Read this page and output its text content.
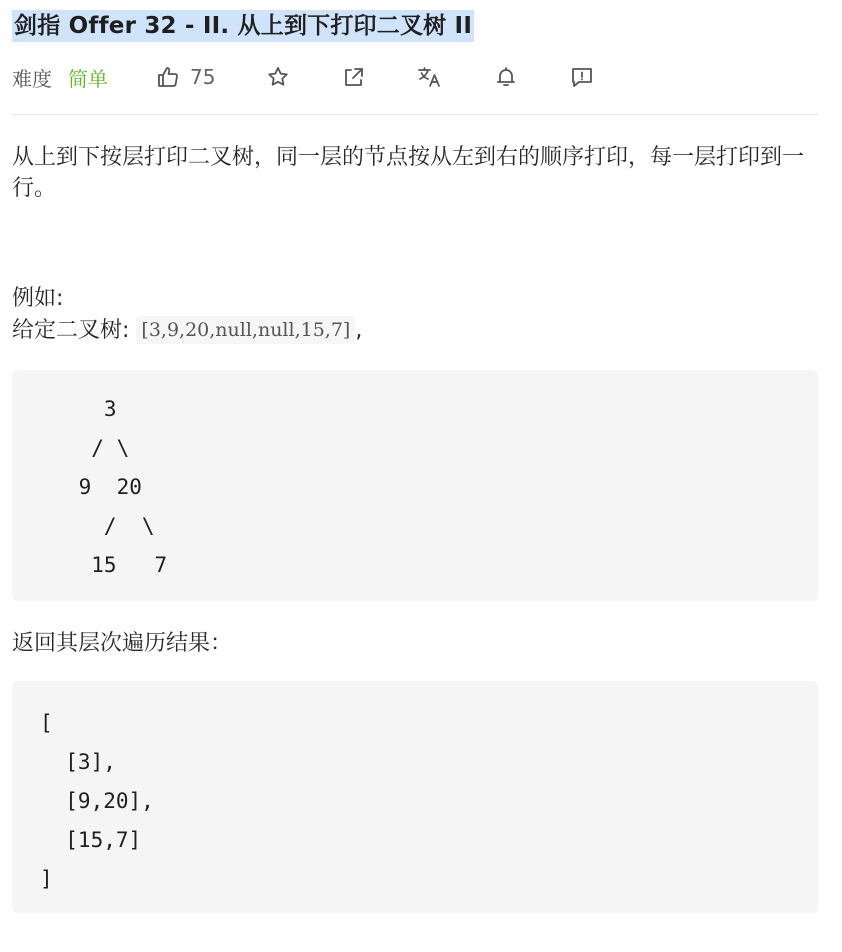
剑指 Offer 32 - II. 从上到下打印二叉树 II
难度 简单	75
从上到下按层打印二叉树，同一层的节点按从左到右的顺序打印，每一层打印到一行。
例如:
给定二叉树: [3,9,20,null,null,15,7] ,
3
/ \
9  20
/  \
15   7
返回其层次遍历结果：
[
[3],
[9,20],
[15,7]
]
